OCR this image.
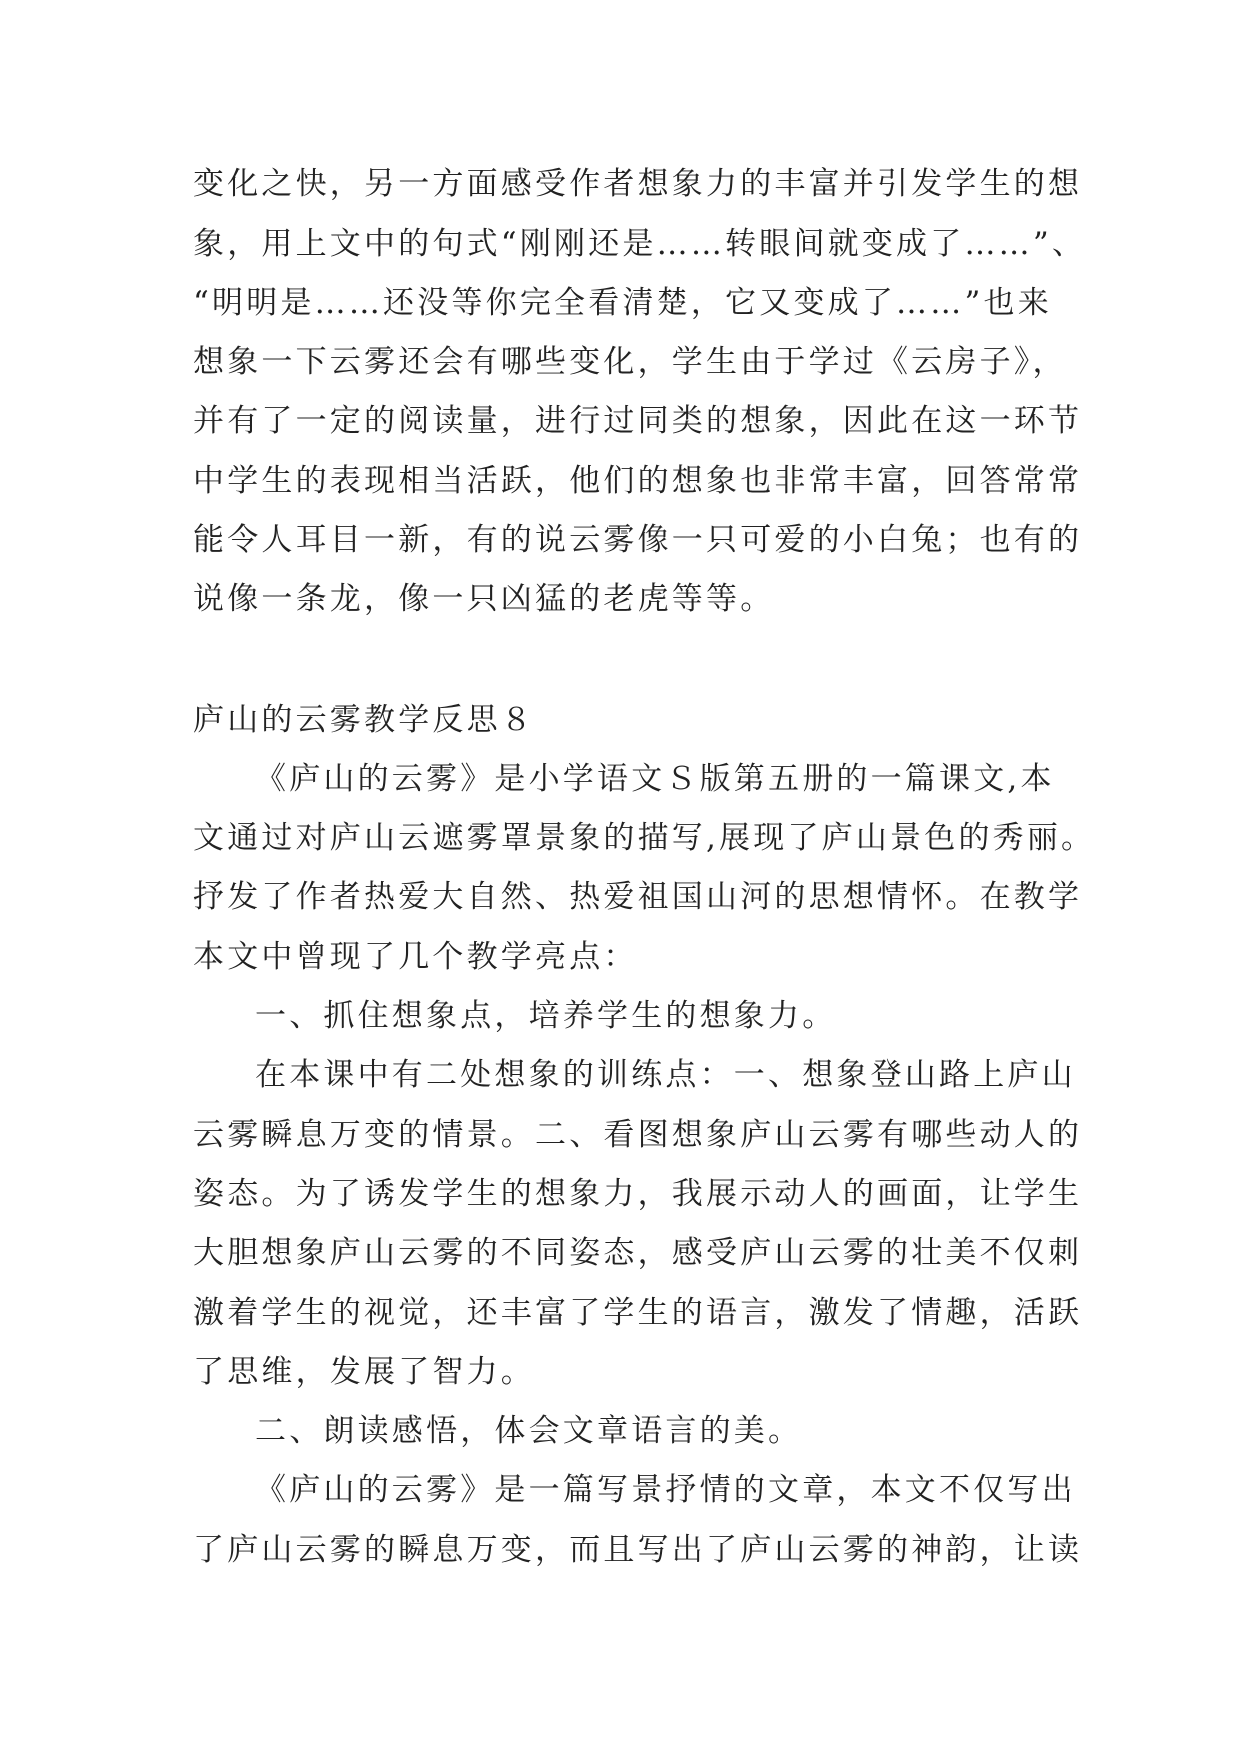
变化之快，另一方面感受作者想象力的丰富并引发学生的想
象，用上文中的句式“刚刚还是……转眼间就变成了……”、
“明明是……还没等你完全看清楚，它又变成了……”也来
想象一下云雾还会有哪些变化，学生由于学过《云房子》，
并有了一定的阅读量，进行过同类的想象，因此在这一环节
中学生的表现相当活跃，他们的想象也非常丰富，回答常常
能令人耳目一新，有的说云雾像一只可爱的小白兔；也有的
说像一条龙，像一只凶猛的老虎等等。
庐山的云雾教学反思８
《庐山的云雾》是小学语文Ｓ版第五册的一篇课文,本
文通过对庐山云遮雾罩景象的描写,展现了庐山景色的秀丽。
抒发了作者热爱大自然、热爱祖国山河的思想情怀。在教学
本文中曾现了几个教学亮点：
一、抓住想象点，培养学生的想象力。
在本课中有二处想象的训练点：一、想象登山路上庐山
云雾瞬息万变的情景。二、看图想象庐山云雾有哪些动人的
姿态。为了诱发学生的想象力，我展示动人的画面，让学生
大胆想象庐山云雾的不同姿态，感受庐山云雾的壮美不仅刺
激着学生的视觉，还丰富了学生的语言，激发了情趣，活跃
了思维，发展了智力。
二、朗读感悟，体会文章语言的美。
《庐山的云雾》是一篇写景抒情的文章，本文不仅写出
了庐山云雾的瞬息万变，而且写出了庐山云雾的神韵，让读
